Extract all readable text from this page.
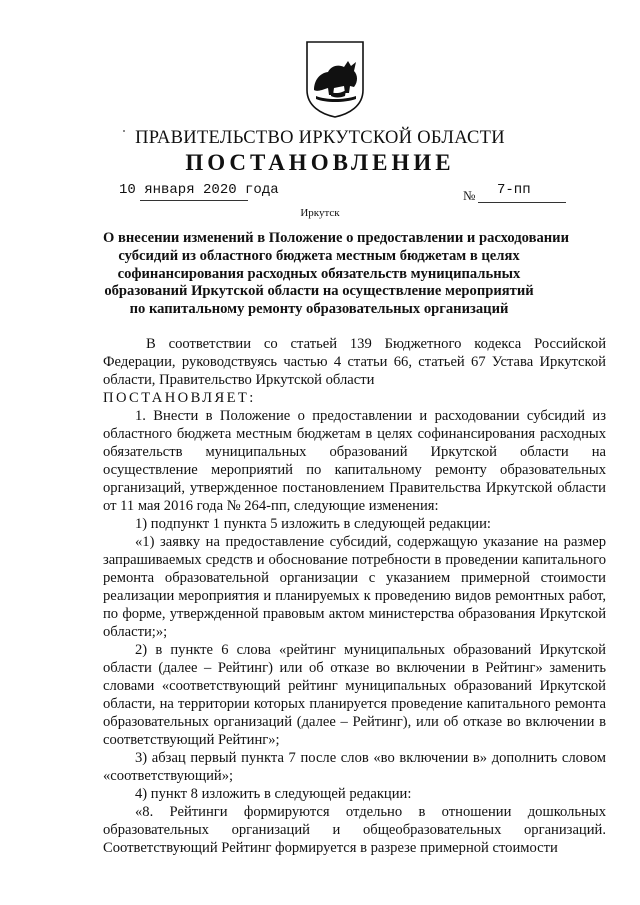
ПРАВИТЕЛЬСТВО ИРКУТСКОЙ ОБЛАСТИ
ПОСТАНОВЛЕНИЕ
10 января 2020 года	№ 7-пп
Иркутск
О внесении изменений в Положение о предоставлении и расходовании
субсидий из областного бюджета местным бюджетам в целях
софинансирования расходных обязательств муниципальных
образований Иркутской области на осуществление мероприятий
по капитальному ремонту образовательных организаций
В соответствии со статьей 139 Бюджетного кодекса Российской Федерации, руководствуясь частью 4 статьи 66, статьей 67 Устава Иркутской области, Правительство Иркутской области
ПОСТАНОВЛЯЕТ:
1. Внести в Положение о предоставлении и расходовании субсидий из областного бюджета местным бюджетам в целях софинансирования расходных обязательств муниципальных образований Иркутской области на осуществление мероприятий по капитальному ремонту образовательных организаций, утвержденное постановлением Правительства Иркутской области от 11 мая 2016 года № 264-пп, следующие изменения:
1) подпункт 1 пункта 5 изложить в следующей редакции:
«1) заявку на предоставление субсидий, содержащую указание на размер запрашиваемых средств и обоснование потребности в проведении капитального ремонта образовательной организации с указанием примерной стоимости реализации мероприятия и планируемых к проведению видов ремонтных работ, по форме, утвержденной правовым актом министерства образования Иркутской области;»;
2) в пункте 6 слова «рейтинг муниципальных образований Иркутской области (далее – Рейтинг) или об отказе во включении в Рейтинг» заменить словами «соответствующий рейтинг муниципальных образований Иркутской области, на территории которых планируется проведение капитального ремонта образовательных организаций (далее – Рейтинг), или об отказе во включении в соответствующий Рейтинг»;
3) абзац первый пункта 7 после слов «во включении в» дополнить словом «соответствующий»;
4) пункт 8 изложить в следующей редакции:
«8. Рейтинги формируются отдельно в отношении дошкольных образовательных организаций и общеобразовательных организаций. Соответствующий Рейтинг формируется в разрезе примерной стоимости
